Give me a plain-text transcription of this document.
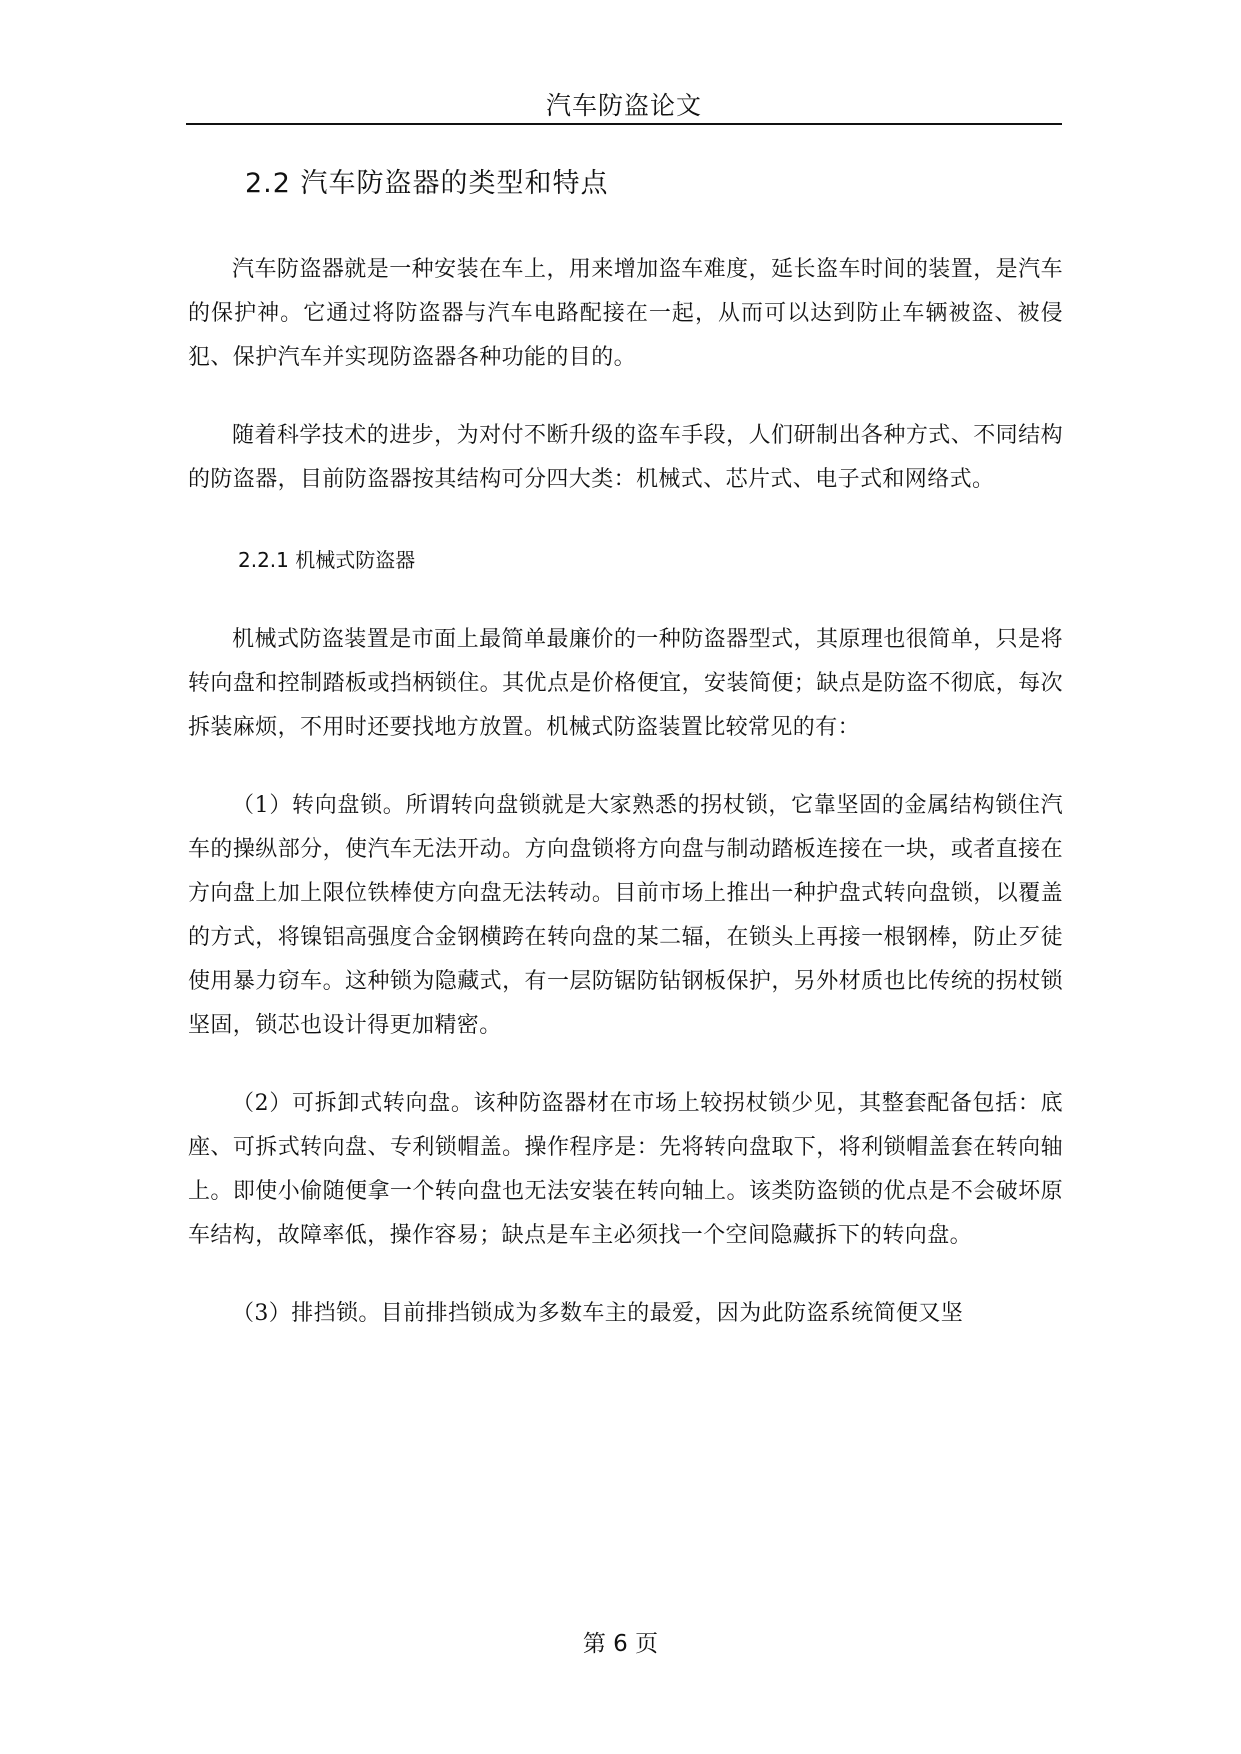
汽车防盗论文
2.2 汽车防盗器的类型和特点

汽车防盗器就是一种安装在车上，用来增加盗车难度，延长盗车时间的装置，是汽车的保护神。它通过将防盗器与汽车电路配接在一起，从而可以达到防止车辆被盗、被侵犯、保护汽车并实现防盗器各种功能的目的。

随着科学技术的进步，为对付不断升级的盗车手段，人们研制出各种方式、不同结构的防盗器，目前防盗器按其结构可分四大类：机械式、芯片式、电子式和网络式。

2.2.1 机械式防盗器

机械式防盗装置是市面上最简单最廉价的一种防盗器型式，其原理也很简单，只是将转向盘和控制踏板或挡柄锁住。其优点是价格便宜，安装简便；缺点是防盗不彻底，每次拆装麻烦，不用时还要找地方放置。机械式防盗装置比较常见的有：

（1）转向盘锁。所谓转向盘锁就是大家熟悉的拐杖锁，它靠坚固的金属结构锁住汽车的操纵部分，使汽车无法开动。方向盘锁将方向盘与制动踏板连接在一块，或者直接在方向盘上加上限位铁棒使方向盘无法转动。目前市场上推出一种护盘式转向盘锁，以覆盖的方式，将镍铝高强度合金钢横跨在转向盘的某二辐，在锁头上再接一根钢棒，防止歹徒使用暴力窃车。这种锁为隐藏式，有一层防锯防钻钢板保护，另外材质也比传统的拐杖锁坚固，锁芯也设计得更加精密。

（2）可拆卸式转向盘。该种防盗器材在市场上较拐杖锁少见，其整套配备包括：底座、可拆式转向盘、专利锁帽盖。操作程序是：先将转向盘取下，将利锁帽盖套在转向轴上。即使小偷随便拿一个转向盘也无法安装在转向轴上。该类防盗锁的优点是不会破坏原车结构，故障率低，操作容易；缺点是车主必须找一个空间隐藏拆下的转向盘。

（3）排挡锁。目前排挡锁成为多数车主的最爱，因为此防盗系统简便又坚

第 6 页
